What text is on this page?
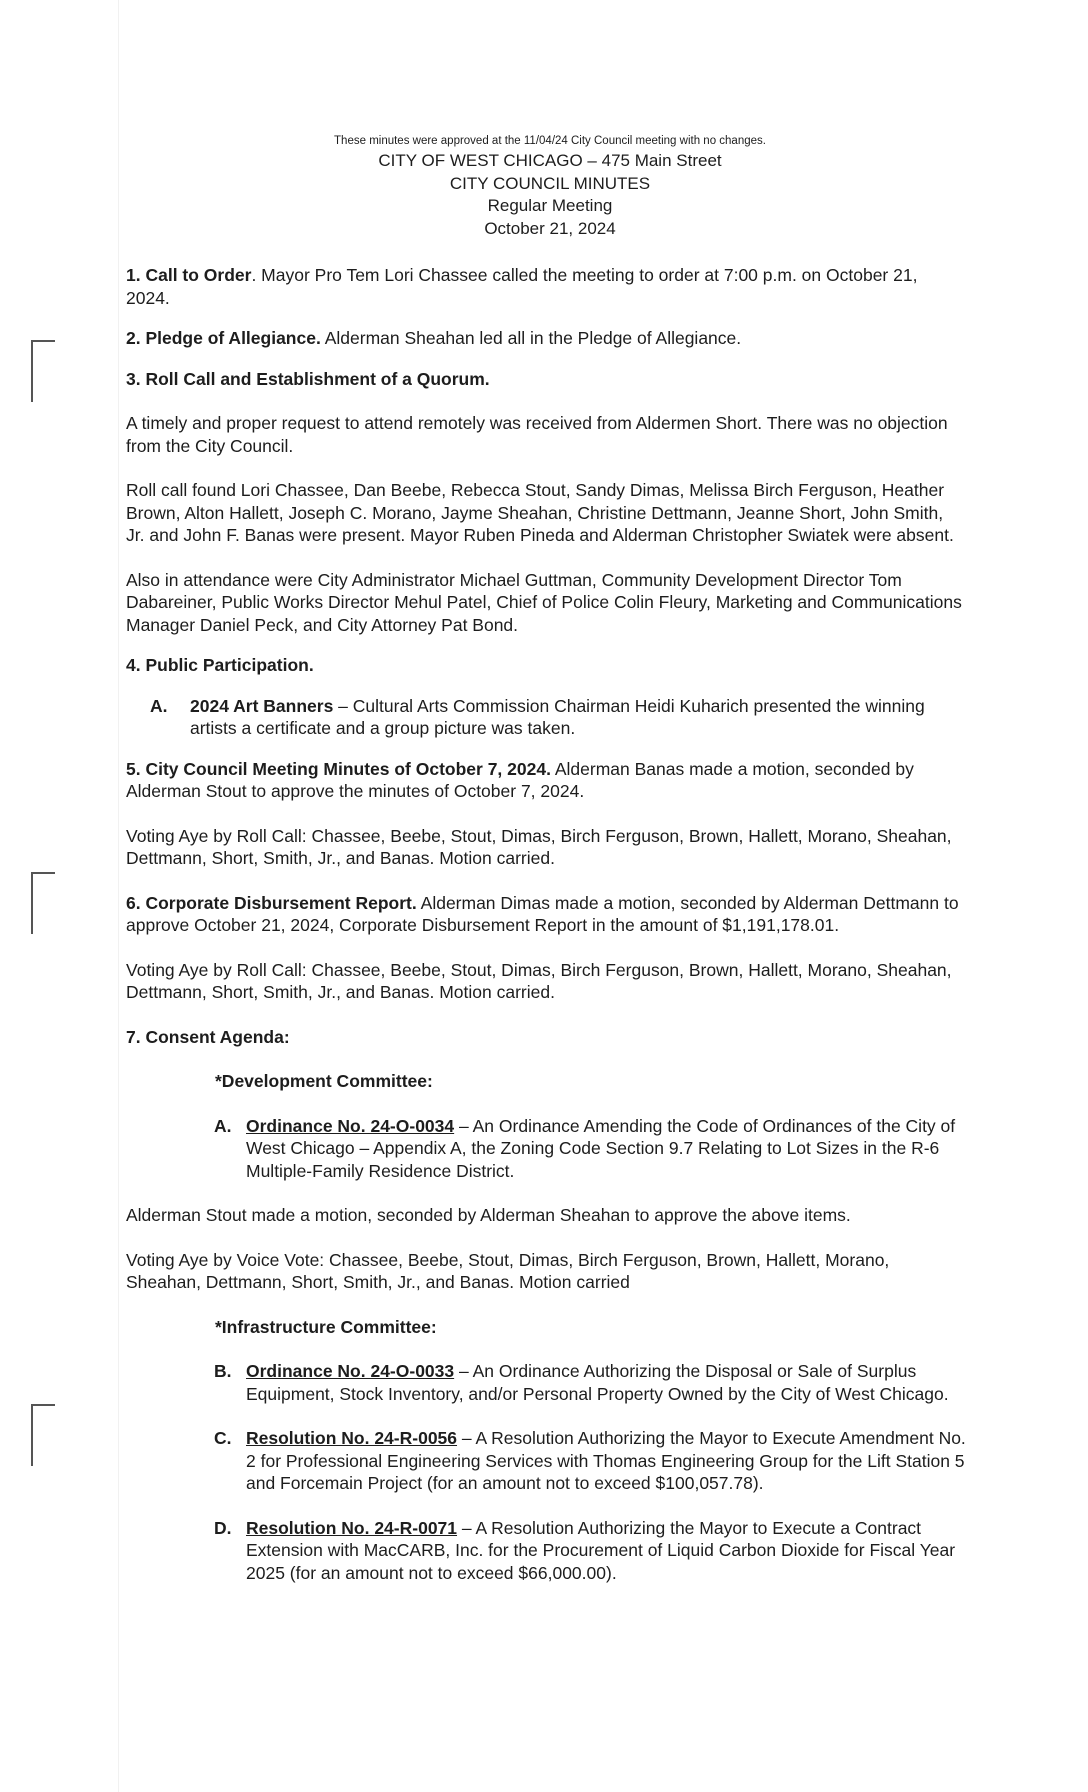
These minutes were approved at the 11/04/24 City Council meeting with no changes.
CITY OF WEST CHICAGO – 475 Main Street
CITY COUNCIL MINUTES
Regular Meeting
October 21, 2024

1. Call to Order. Mayor Pro Tem Lori Chassee called the meeting to order at 7:00 p.m. on October 21, 2024.

2. Pledge of Allegiance. Alderman Sheahan led all in the Pledge of Allegiance.

3. Roll Call and Establishment of a Quorum.

A timely and proper request to attend remotely was received from Aldermen Short. There was no objection from the City Council.

Roll call found Lori Chassee, Dan Beebe, Rebecca Stout, Sandy Dimas, Melissa Birch Ferguson, Heather Brown, Alton Hallett, Joseph C. Morano, Jayme Sheahan, Christine Dettmann, Jeanne Short, John Smith, Jr. and John F. Banas were present. Mayor Ruben Pineda and Alderman Christopher Swiatek were absent.

Also in attendance were City Administrator Michael Guttman, Community Development Director Tom Dabareiner, Public Works Director Mehul Patel, Chief of Police Colin Fleury, Marketing and Communications Manager Daniel Peck, and City Attorney Pat Bond.

4. Public Participation.

A.	2024 Art Banners – Cultural Arts Commission Chairman Heidi Kuharich presented the winning artists a certificate and a group picture was taken.

5. City Council Meeting Minutes of October 7, 2024. Alderman Banas made a motion, seconded by Alderman Stout to approve the minutes of October 7, 2024.

Voting Aye by Roll Call: Chassee, Beebe, Stout, Dimas, Birch Ferguson, Brown, Hallett, Morano, Sheahan, Dettmann, Short, Smith, Jr., and Banas. Motion carried.

6. Corporate Disbursement Report. Alderman Dimas made a motion, seconded by Alderman Dettmann to approve October 21, 2024, Corporate Disbursement Report in the amount of $1,191,178.01.

Voting Aye by Roll Call: Chassee, Beebe, Stout, Dimas, Birch Ferguson, Brown, Hallett, Morano, Sheahan, Dettmann, Short, Smith, Jr., and Banas. Motion carried.

7. Consent Agenda:

*Development Committee:

A. Ordinance No. 24-O-0034 – An Ordinance Amending the Code of Ordinances of the City of West Chicago – Appendix A, the Zoning Code Section 9.7 Relating to Lot Sizes in the R-6 Multiple-Family Residence District.

Alderman Stout made a motion, seconded by Alderman Sheahan to approve the above items.

Voting Aye by Voice Vote: Chassee, Beebe, Stout, Dimas, Birch Ferguson, Brown, Hallett, Morano, Sheahan, Dettmann, Short, Smith, Jr., and Banas. Motion carried

*Infrastructure Committee:

B. Ordinance No. 24-O-0033 – An Ordinance Authorizing the Disposal or Sale of Surplus Equipment, Stock Inventory, and/or Personal Property Owned by the City of West Chicago.
C. Resolution No. 24-R-0056 – A Resolution Authorizing the Mayor to Execute Amendment No. 2 for Professional Engineering Services with Thomas Engineering Group for the Lift Station 5 and Forcemain Project (for an amount not to exceed $100,057.78).
D. Resolution No. 24-R-0071 – A Resolution Authorizing the Mayor to Execute a Contract Extension with MacCARB, Inc. for the Procurement of Liquid Carbon Dioxide for Fiscal Year 2025 (for an amount not to exceed $66,000.00).
